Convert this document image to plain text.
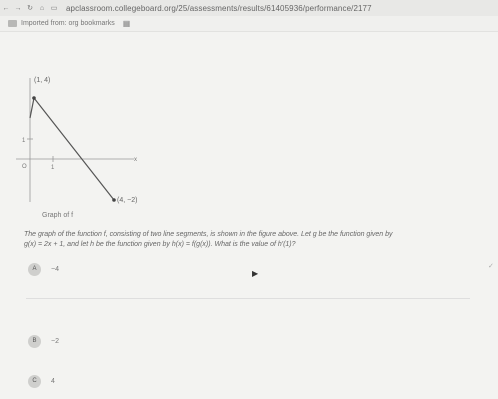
← → ↻ ⌂ ▭	apclassroom.collegeboard.org/25/assessments/results/61405936/performance/2177
Imported from: org bookmarks ▦
(1, 4)
(4, −2)
1
1
O
x
Graph of f
The graph of the function f, consisting of two line segments, is shown in the figure above. Let g be the function given by
g(x) = 2x + 1, and let h be the function given by h(x) = f(g(x)). What is the value of h′(1)?
A	−4	✓
▶
B	−2
C	4
